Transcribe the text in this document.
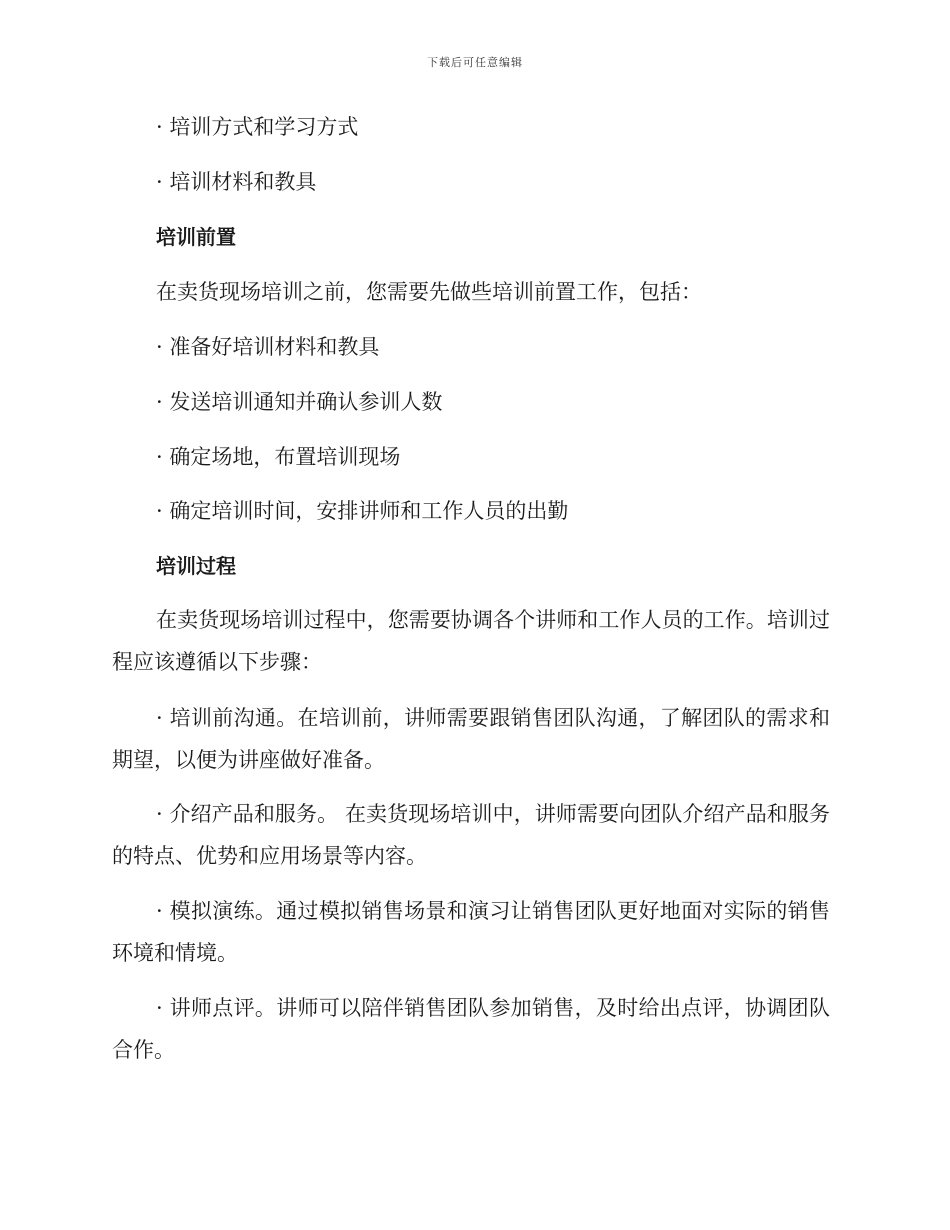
下载后可任意编辑
· 培训方式和学习方式
· 培训材料和教具
培训前置
在卖货现场培训之前，您需要先做些培训前置工作，包括：
· 准备好培训材料和教具
· 发送培训通知并确认参训人数
· 确定场地，布置培训现场
· 确定培训时间，安排讲师和工作人员的出勤
培训过程
在卖货现场培训过程中，您需要协调各个讲师和工作人员的工作。培训过程应该遵循以下步骤：
· 培训前沟通。在培训前，讲师需要跟销售团队沟通，了解团队的需求和期望，以便为讲座做好准备。
· 介绍产品和服务。 在卖货现场培训中，讲师需要向团队介绍产品和服务的特点、优势和应用场景等内容。
· 模拟演练。通过模拟销售场景和演习让销售团队更好地面对实际的销售环境和情境。
· 讲师点评。讲师可以陪伴销售团队参加销售，及时给出点评，协调团队合作。
